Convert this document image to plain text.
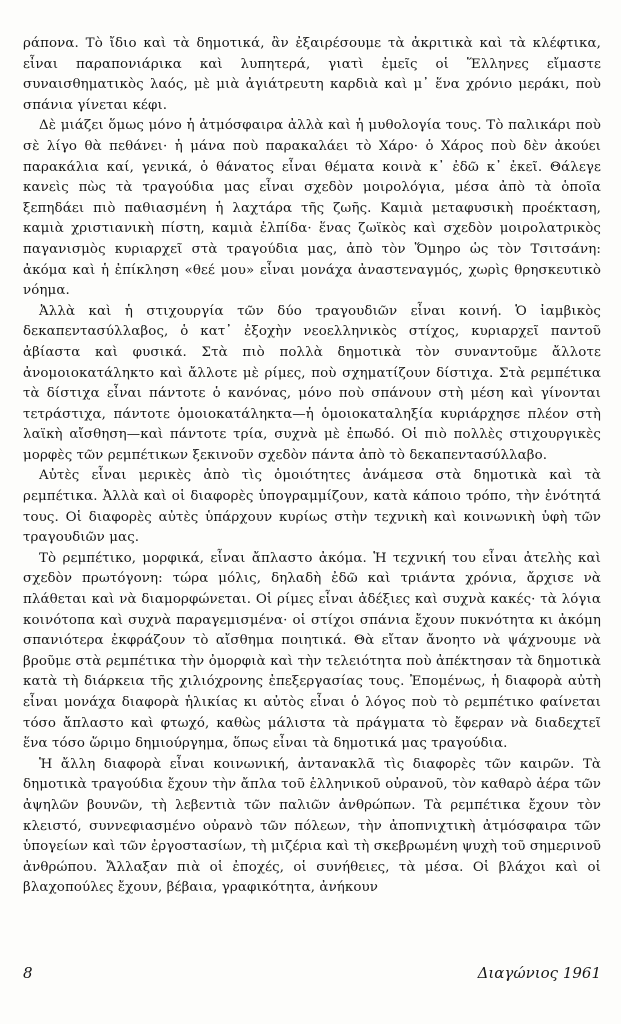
ράπονα. Τὸ ἴδιο καὶ τὰ δημοτικά, ἂν ἐξαιρέσουμε τὰ ἀκριτικὰ καὶ τὰ κλέφτικα, εἶναι παραπονιάρικα καὶ λυπητερά, γιατὶ ἐμεῖς οἱ Ἕλληνες εἴμαστε συναισθηματικὸς λαός, μὲ μιὰ ἀγιάτρευτη καρδιὰ καὶ μ᾽ ἕνα χρόνιο μεράκι, ποὺ σπάνια γίνεται κέφι.

Δὲ μιάζει ὅμως μόνο ἡ ἀτμόσφαιρα ἀλλὰ καὶ ἡ μυθολογία τους. Τὸ παλικάρι ποὺ σὲ λίγο θὰ πεθάνει· ἡ μάνα ποὺ παρακαλάει τὸ Χάρο· ὁ Χάρος ποὺ δὲν ἀκούει παρακάλια καί, γενικά, ὁ θάνατος εἶναι θέματα κοινὰ κ᾽ ἐδῶ κ᾽ ἐκεῖ. Θάλεγε κανεὶς πὼς τὰ τραγούδια μας εἶναι σχεδὸν μοιρολόγια, μέσα ἀπὸ τὰ ὁποῖα ξεπηδάει πιὸ παθιασμένη ἡ λαχτάρα τῆς ζωῆς. Καμιὰ μεταφυσικὴ προέκταση, καμιὰ χριστιανικὴ πίστη, καμιὰ ἐλπίδα· ἕνας ζωϊκὸς καὶ σχεδὸν μοιρολατρικὸς παγανισμὸς κυριαρχεῖ στὰ τραγούδια μας, ἀπὸ τὸν Ὅμηρο ὡς τὸν Τσιτσάνη: ἀκόμα καὶ ἡ ἐπίκληση «θεέ μου» εἶναι μονάχα ἀναστεναγμός, χωρὶς θρησκευτικὸ νόημα.

Ἀλλὰ καὶ ἡ στιχουργία τῶν δύο τραγουδιῶν εἶναι κοινή. Ὁ ἰαμβικὸς δεκαπεντασύλλαβος, ὁ κατ᾽ ἐξοχὴν νεοελληνικὸς στίχος, κυριαρχεῖ παντοῦ ἀβίαστα καὶ φυσικά. Στὰ πιὸ πολλὰ δημοτικὰ τὸν συναντοῦμε ἄλλοτε ἀνομοιοκατάληκτο καὶ ἄλλοτε μὲ ρίμες, ποὺ σχηματίζουν δίστιχα. Στὰ ρεμπέτικα τὰ δίστιχα εἶναι πάντοτε ὁ κανόνας, μόνο ποὺ σπάνουν στὴ μέση καὶ γίνονται τετράστιχα, πάντοτε ὁμοιοκατάληκτα—ἡ ὁμοιοκαταληξία κυριάρχησε πλέον στὴ λαϊκὴ αἴσθηση—καὶ πάντοτε τρία, συχνὰ μὲ ἐπωδό. Οἱ πιὸ πολλὲς στιχουργικὲς μορφὲς τῶν ρεμπέτικων ξεκινοῦν σχεδὸν πάντα ἀπὸ τὸ δεκαπεντασύλλαβο.

Αὐτὲς εἶναι μερικὲς ἀπὸ τὶς ὁμοιότητες ἀνάμεσα στὰ δημοτικὰ καὶ τὰ ρεμπέτικα. Ἀλλὰ καὶ οἱ διαφορὲς ὑπογραμμίζουν, κατὰ κάποιο τρόπο, τὴν ἑνότητά τους. Οἱ διαφορὲς αὐτὲς ὑπάρχουν κυρίως στὴν τεχνικὴ καὶ κοινωνικὴ ὑφὴ τῶν τραγουδιῶν μας.

Τὸ ρεμπέτικο, μορφικά, εἶναι ἄπλαστο ἀκόμα. Ἡ τεχνική του εἶναι ἀτελὴς καὶ σχεδὸν πρωτόγονη: τώρα μόλις, δηλαδὴ ἐδῶ καὶ τριάντα χρόνια, ἄρχισε νὰ πλάθεται καὶ νὰ διαμορφώνεται. Οἱ ρίμες εἶναι ἀδέξιες καὶ συχνὰ κακές· τὰ λόγια κοινότοπα καὶ συχνὰ παραγεμισμένα· οἱ στίχοι σπάνια ἔχουν πυκνότητα κι ἀκόμη σπανιότερα ἐκφράζουν τὸ αἴσθημα ποιητικά. Θὰ εἴταν ἄνοητο νὰ ψάχνουμε νὰ βροῦμε στὰ ρεμπέτικα τὴν ὀμορφιὰ καὶ τὴν τελειότητα ποὺ ἀπέκτησαν τὰ δημοτικὰ κατὰ τὴ διάρκεια τῆς χιλιόχρονης ἐπεξεργασίας τους. Ἐπομένως, ἡ διαφορὰ αὐτὴ εἶναι μονάχα διαφορὰ ἡλικίας κι αὐτὸς εἶναι ὁ λόγος ποὺ τὸ ρεμπέτικο φαίνεται τόσο ἄπλαστο καὶ φτωχό, καθὼς μάλιστα τὰ πράγματα τὸ ἔφεραν νὰ διαδεχτεῖ ἕνα τόσο ὥριμο δημιούργημα, ὅπως εἶναι τὰ δημοτικά μας τραγούδια.

Ἡ ἄλλη διαφορὰ εἶναι κοινωνική, ἀντανακλᾶ τὶς διαφορὲς τῶν καιρῶν. Τὰ δημοτικὰ τραγούδια ἔχουν τὴν ἄπλα τοῦ ἑλληνικοῦ οὐρανοῦ, τὸν καθαρὸ ἀέρα τῶν ἀψηλῶν βουνῶν, τὴ λεβεντιὰ τῶν παλιῶν ἀνθρώπων. Τὰ ρεμπέτικα ἔχουν τὸν κλειστό, συννεφιασμένο οὐρανὸ τῶν πόλεων, τὴν ἀποπνιχτικὴ ἀτμόσφαιρα τῶν ὑπογείων καὶ τῶν ἐργοστασίων, τὴ μιζέρια καὶ τὴ σκεβρωμένη ψυχὴ τοῦ σημερινοῦ ἀνθρώπου. Ἄλλαξαν πιὰ οἱ ἐποχές, οἱ συνήθειες, τὰ μέσα. Οἱ βλάχοι καὶ οἱ βλαχοπούλες ἔχουν, βέβαια, γραφικότητα, ἀνήκουν

8	Διαγώνιος 1961
